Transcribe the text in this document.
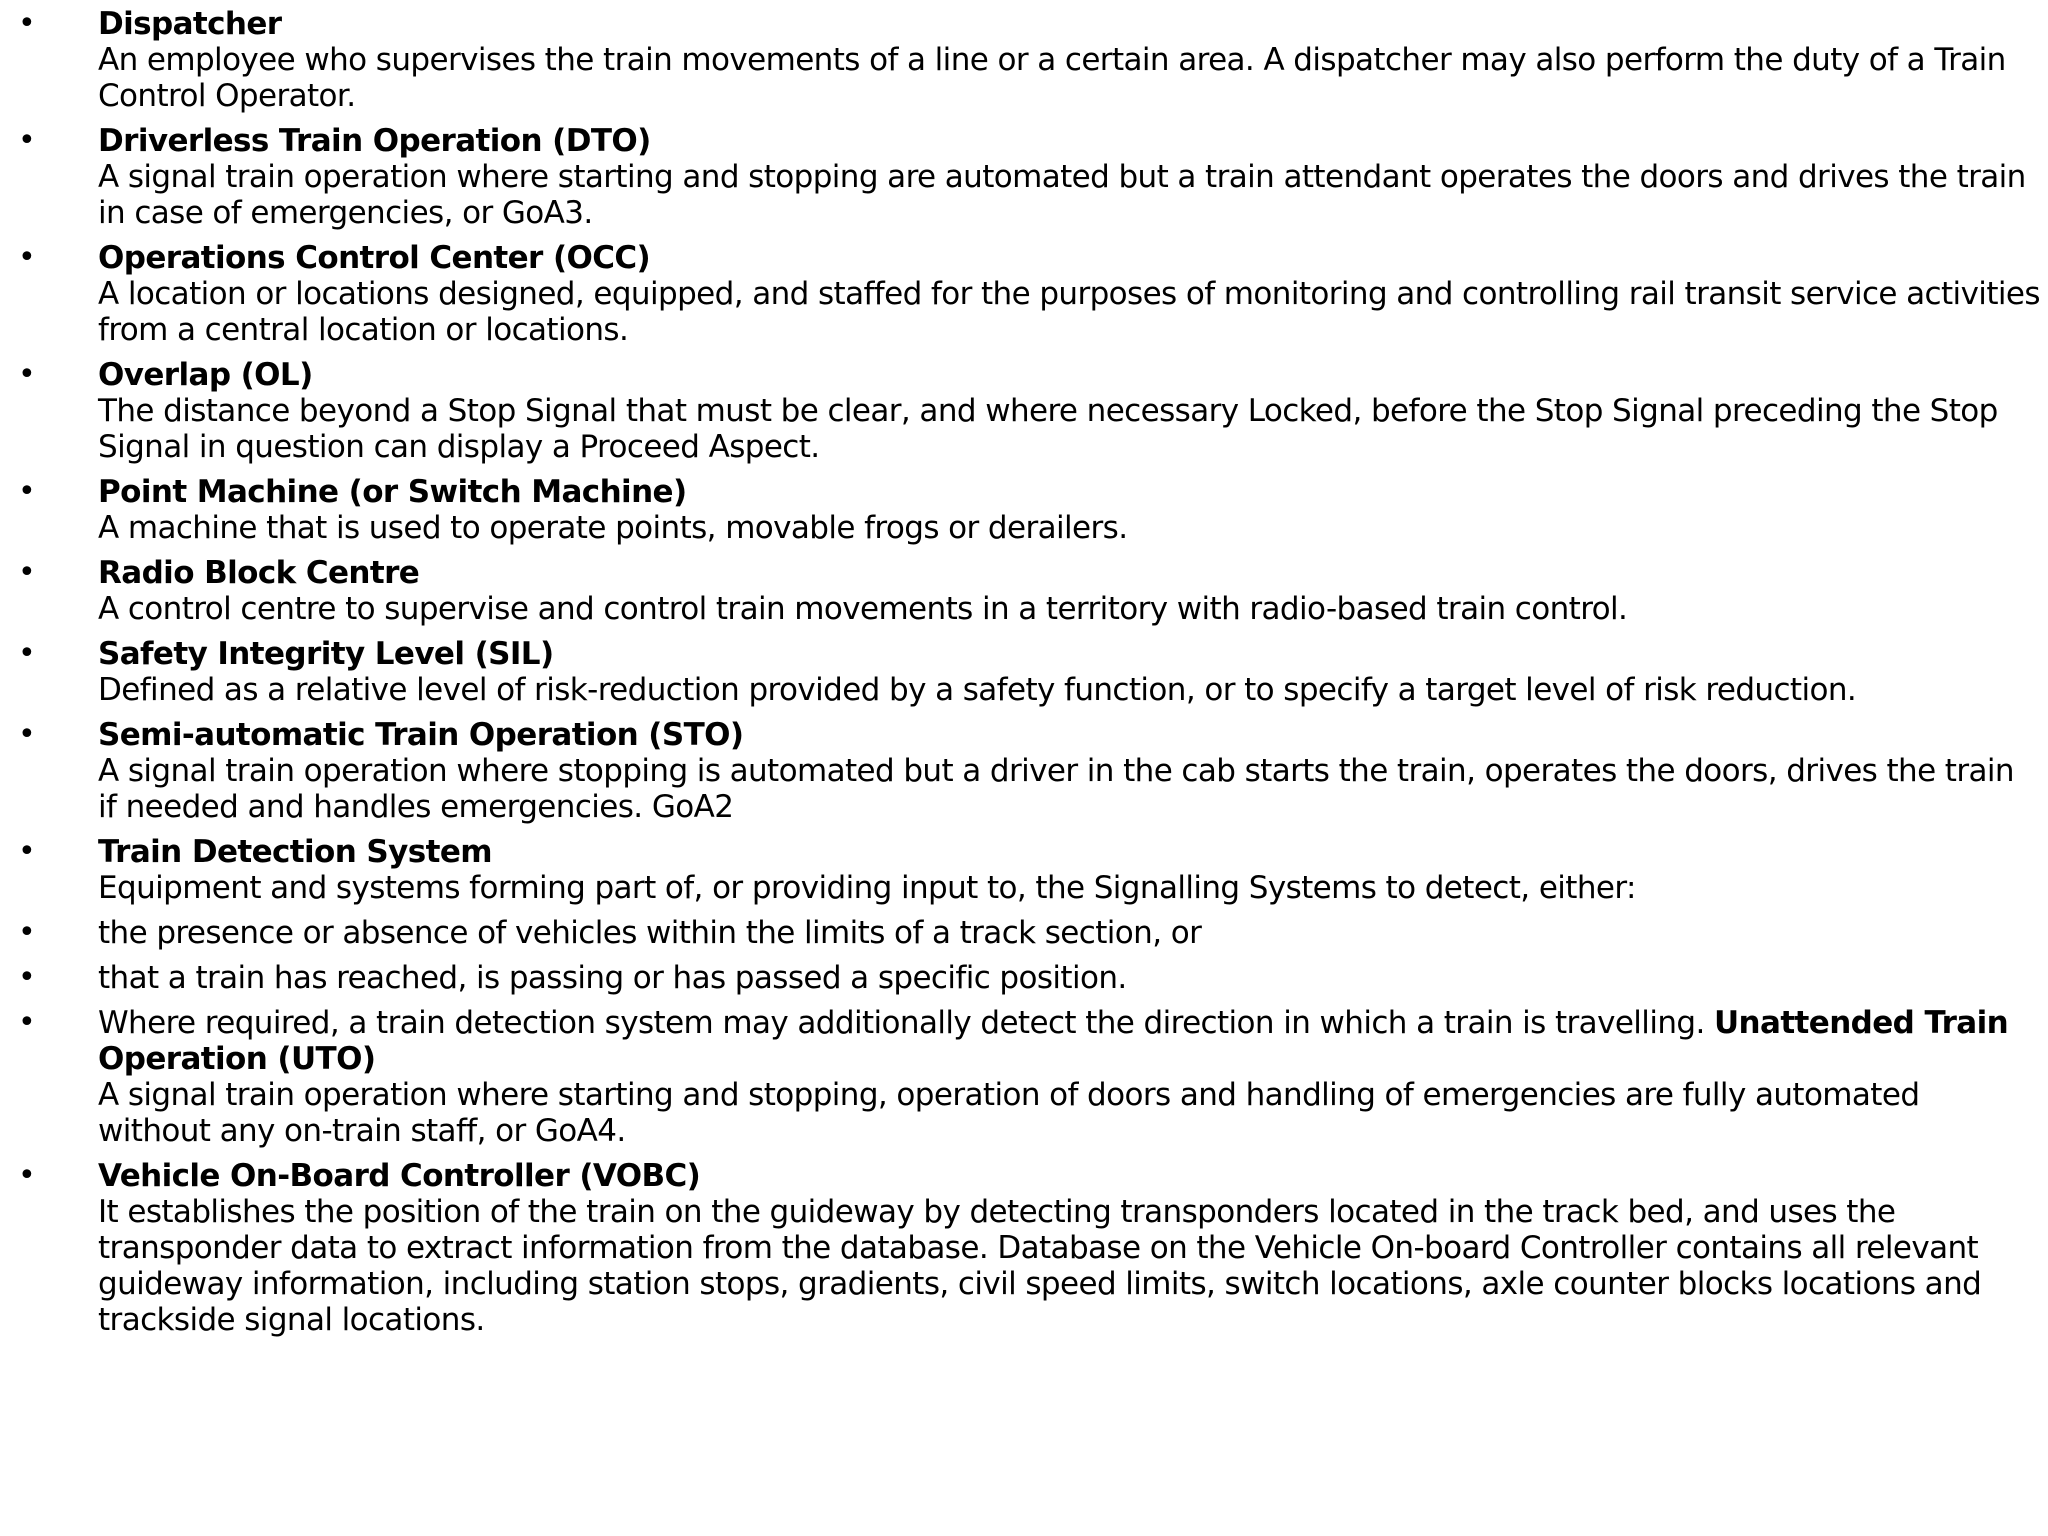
• Dispatcher
An employee who supervises the train movements of a line or a certain area. A dispatcher may also perform the duty of a Train Control Operator.
• Driverless Train Operation (DTO)
A signal train operation where starting and stopping are automated but a train attendant operates the doors and drives the train in case of emergencies, or GoA3.
• Operations Control Center (OCC)
A location or locations designed, equipped, and staffed for the purposes of monitoring and controlling rail transit service activities from a central location or locations.
• Overlap (OL)
The distance beyond a Stop Signal that must be clear, and where necessary Locked, before the Stop Signal preceding the Stop Signal in question can display a Proceed Aspect.
• Point Machine (or Switch Machine)
A machine that is used to operate points, movable frogs or derailers.
• Radio Block Centre
A control centre to supervise and control train movements in a territory with radio-based train control.
• Safety Integrity Level (SIL)
Defined as a relative level of risk-reduction provided by a safety function, or to specify a target level of risk reduction.
• Semi-automatic Train Operation (STO)
A signal train operation where stopping is automated but a driver in the cab starts the train, operates the doors, drives the train if needed and handles emergencies. GoA2
• Train Detection System
Equipment and systems forming part of, or providing input to, the Signalling Systems to detect, either:
• the presence or absence of vehicles within the limits of a track section, or
• that a train has reached, is passing or has passed a specific position.
• Where required, a train detection system may additionally detect the direction in which a train is travelling. Unattended Train Operation (UTO)
A signal train operation where starting and stopping, operation of doors and handling of emergencies are fully automated without any on-train staff, or GoA4.
• Vehicle On-Board Controller (VOBC)
It establishes the position of the train on the guideway by detecting transponders located in the track bed, and uses the transponder data to extract information from the database. Database on the Vehicle On-board Controller contains all relevant guideway information, including station stops, gradients, civil speed limits, switch locations, axle counter blocks locations and trackside signal locations.
